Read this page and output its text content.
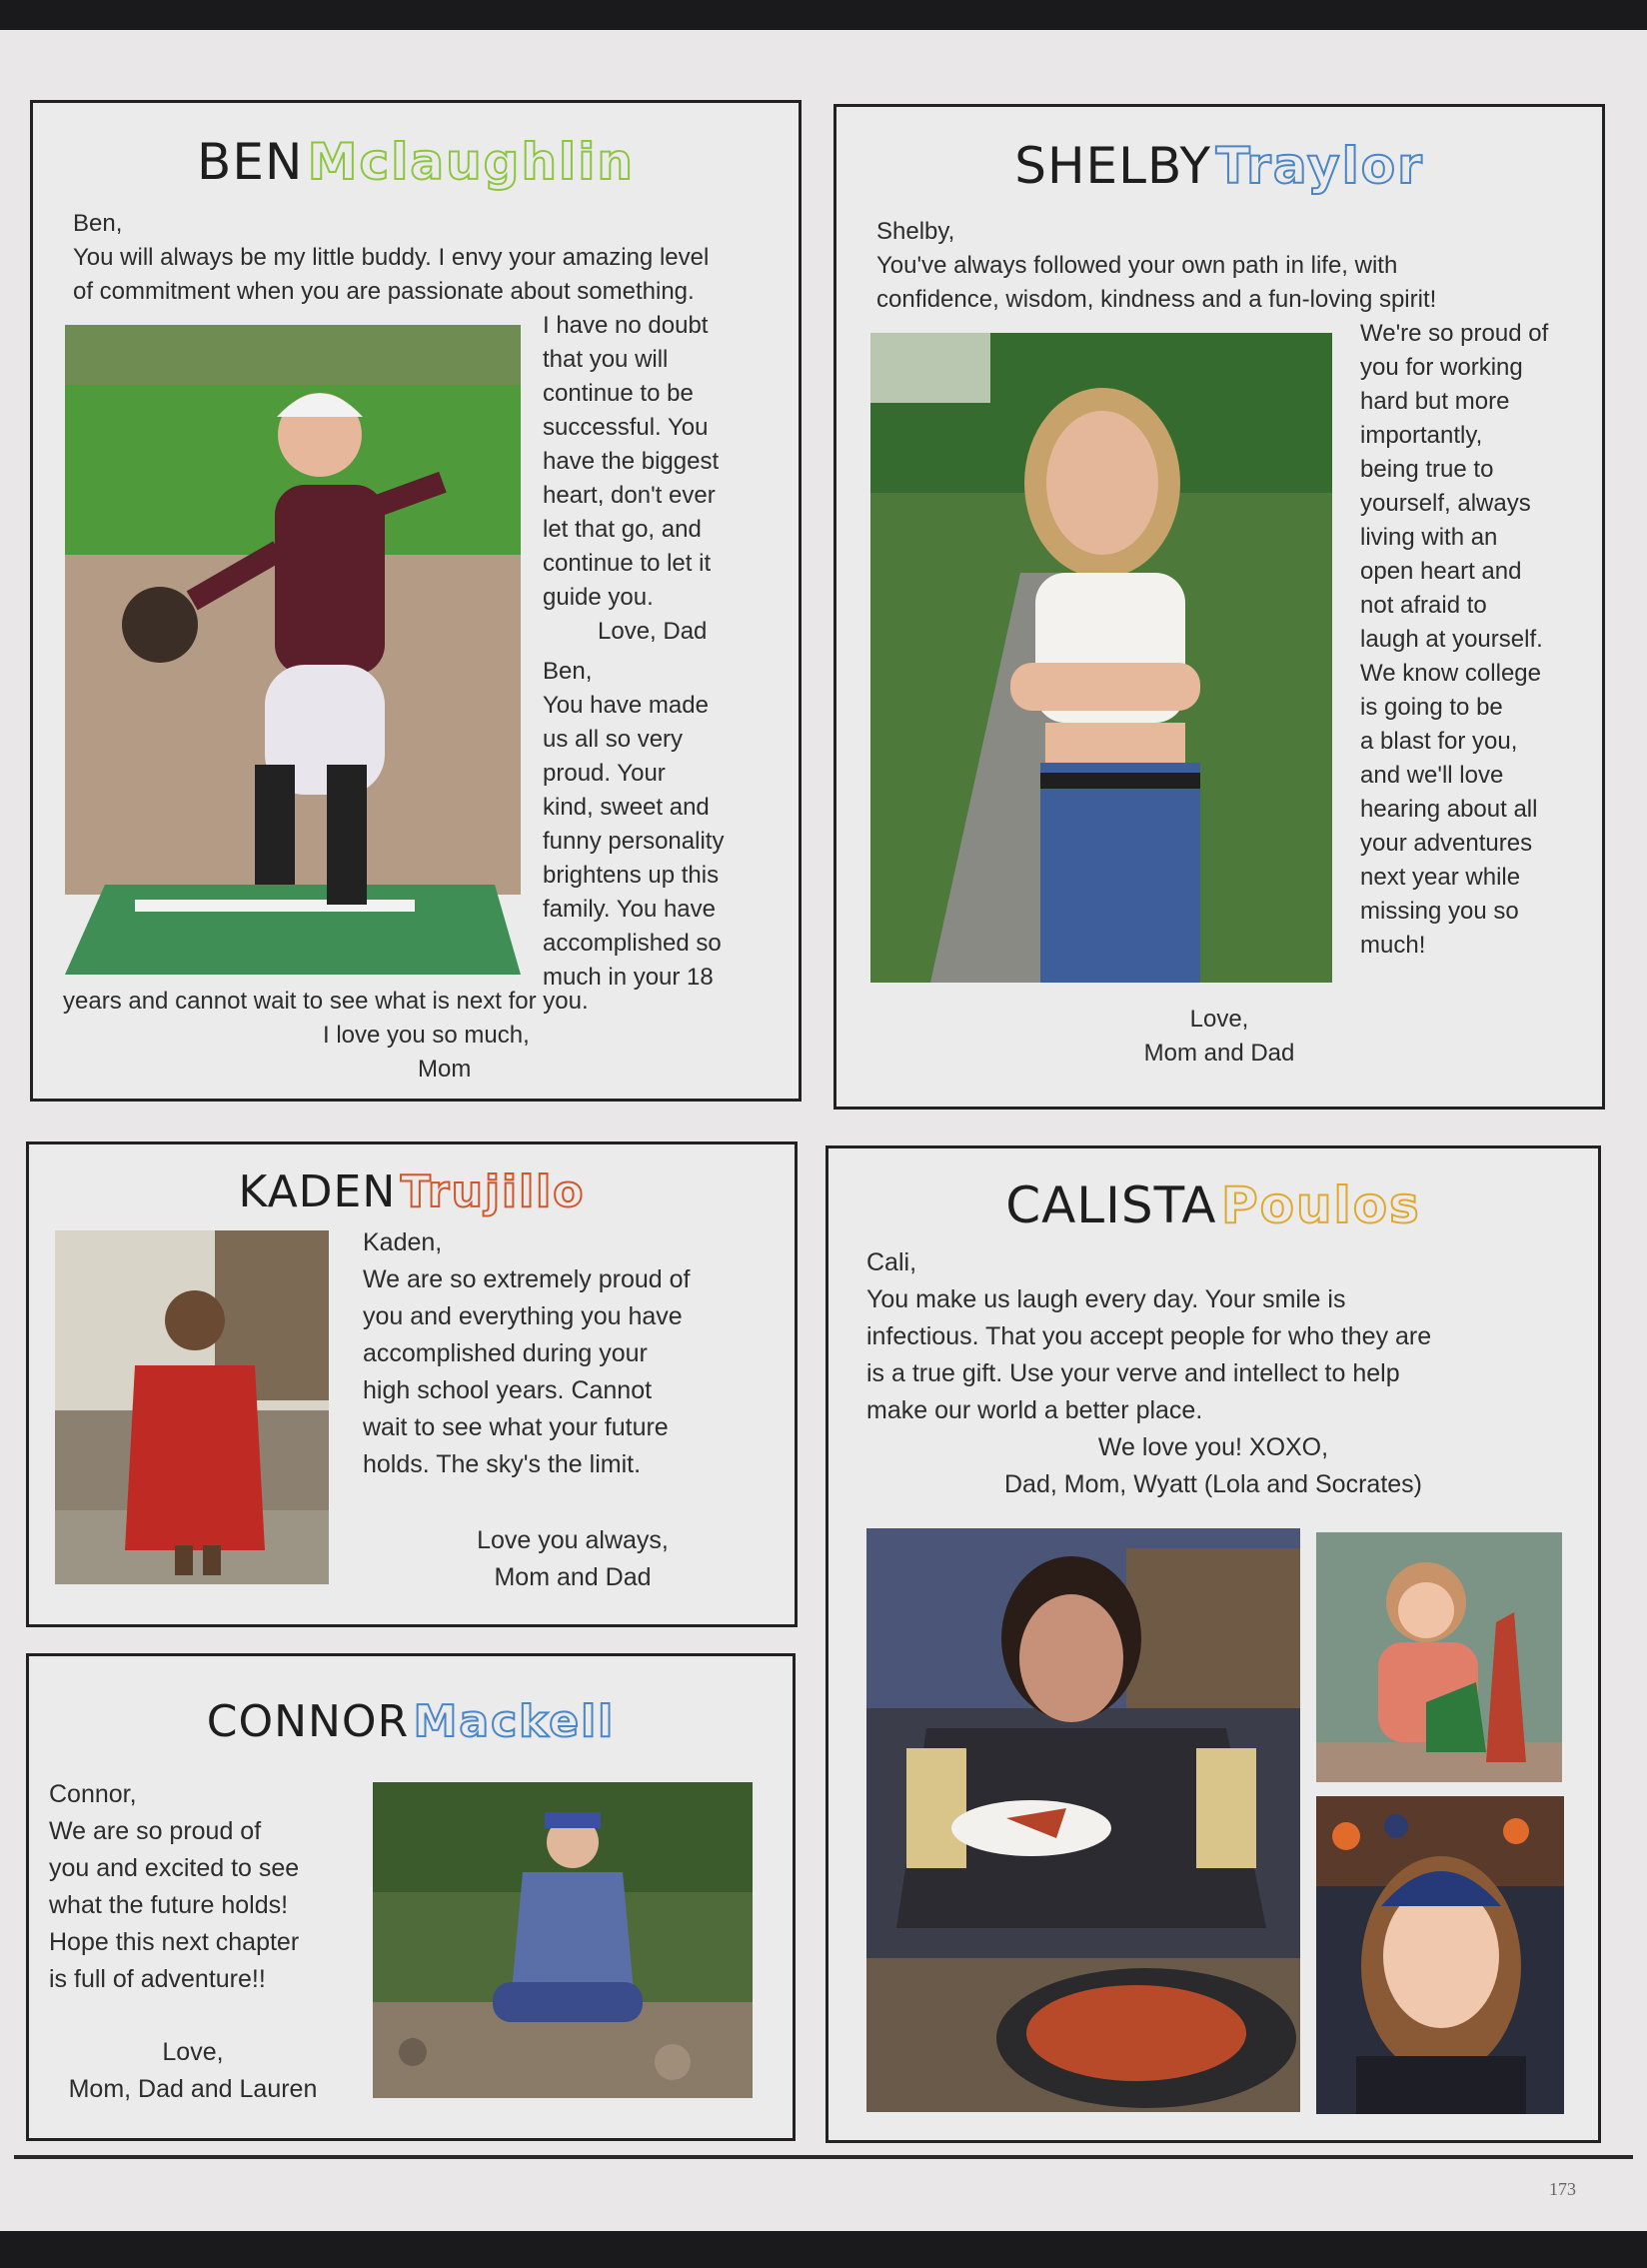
BEN Mclaughlin

Ben,

You will always be my little buddy. I envy your amazing level

of commitment when you are passionate about something.

I have no doubt

that you will

continue to be

successful. You

have the biggest

heart, don't ever

let that go, and

continue to let it

guide you.

Love, Dad

Ben,

You have made

us all so very

proud. Your

kind, sweet and

funny personality

brightens up this

family. You have

accomplished so

much in your 18

years and cannot wait to see what is next for you.

I love you so much,

Mom

SHELBY Traylor

Shelby,

You've always followed your own path in life, with

confidence, wisdom, kindness and a fun-loving spirit!

We're so proud of

you for working

hard but more

importantly,

being true to

yourself, always

living with an

open heart and

not afraid to

laugh at yourself.

We know college

is going to be

a blast for you,

and we'll love

hearing about all

your adventures

next year while

missing you so

much!

Love,

Mom and Dad

KADEN Trujillo

Kaden,

We are so extremely proud of

you and everything you have

accomplished during your

high school years. Cannot

wait to see what your future

holds. The sky's the limit.

Love you always,

Mom and Dad

CONNOR Mackell

Connor,

We are so proud of

you and excited to see

what the future holds!

Hope this next chapter

is full of adventure!!

Love,

Mom, Dad and Lauren

CALISTA Poulos

Cali,

You make us laugh every day. Your smile is

infectious. That you accept people for who they are

is a true gift. Use your verve and intellect to help

make our world a better place.

We love you! XOXO,

Dad, Mom, Wyatt (Lola and Socrates)

173
